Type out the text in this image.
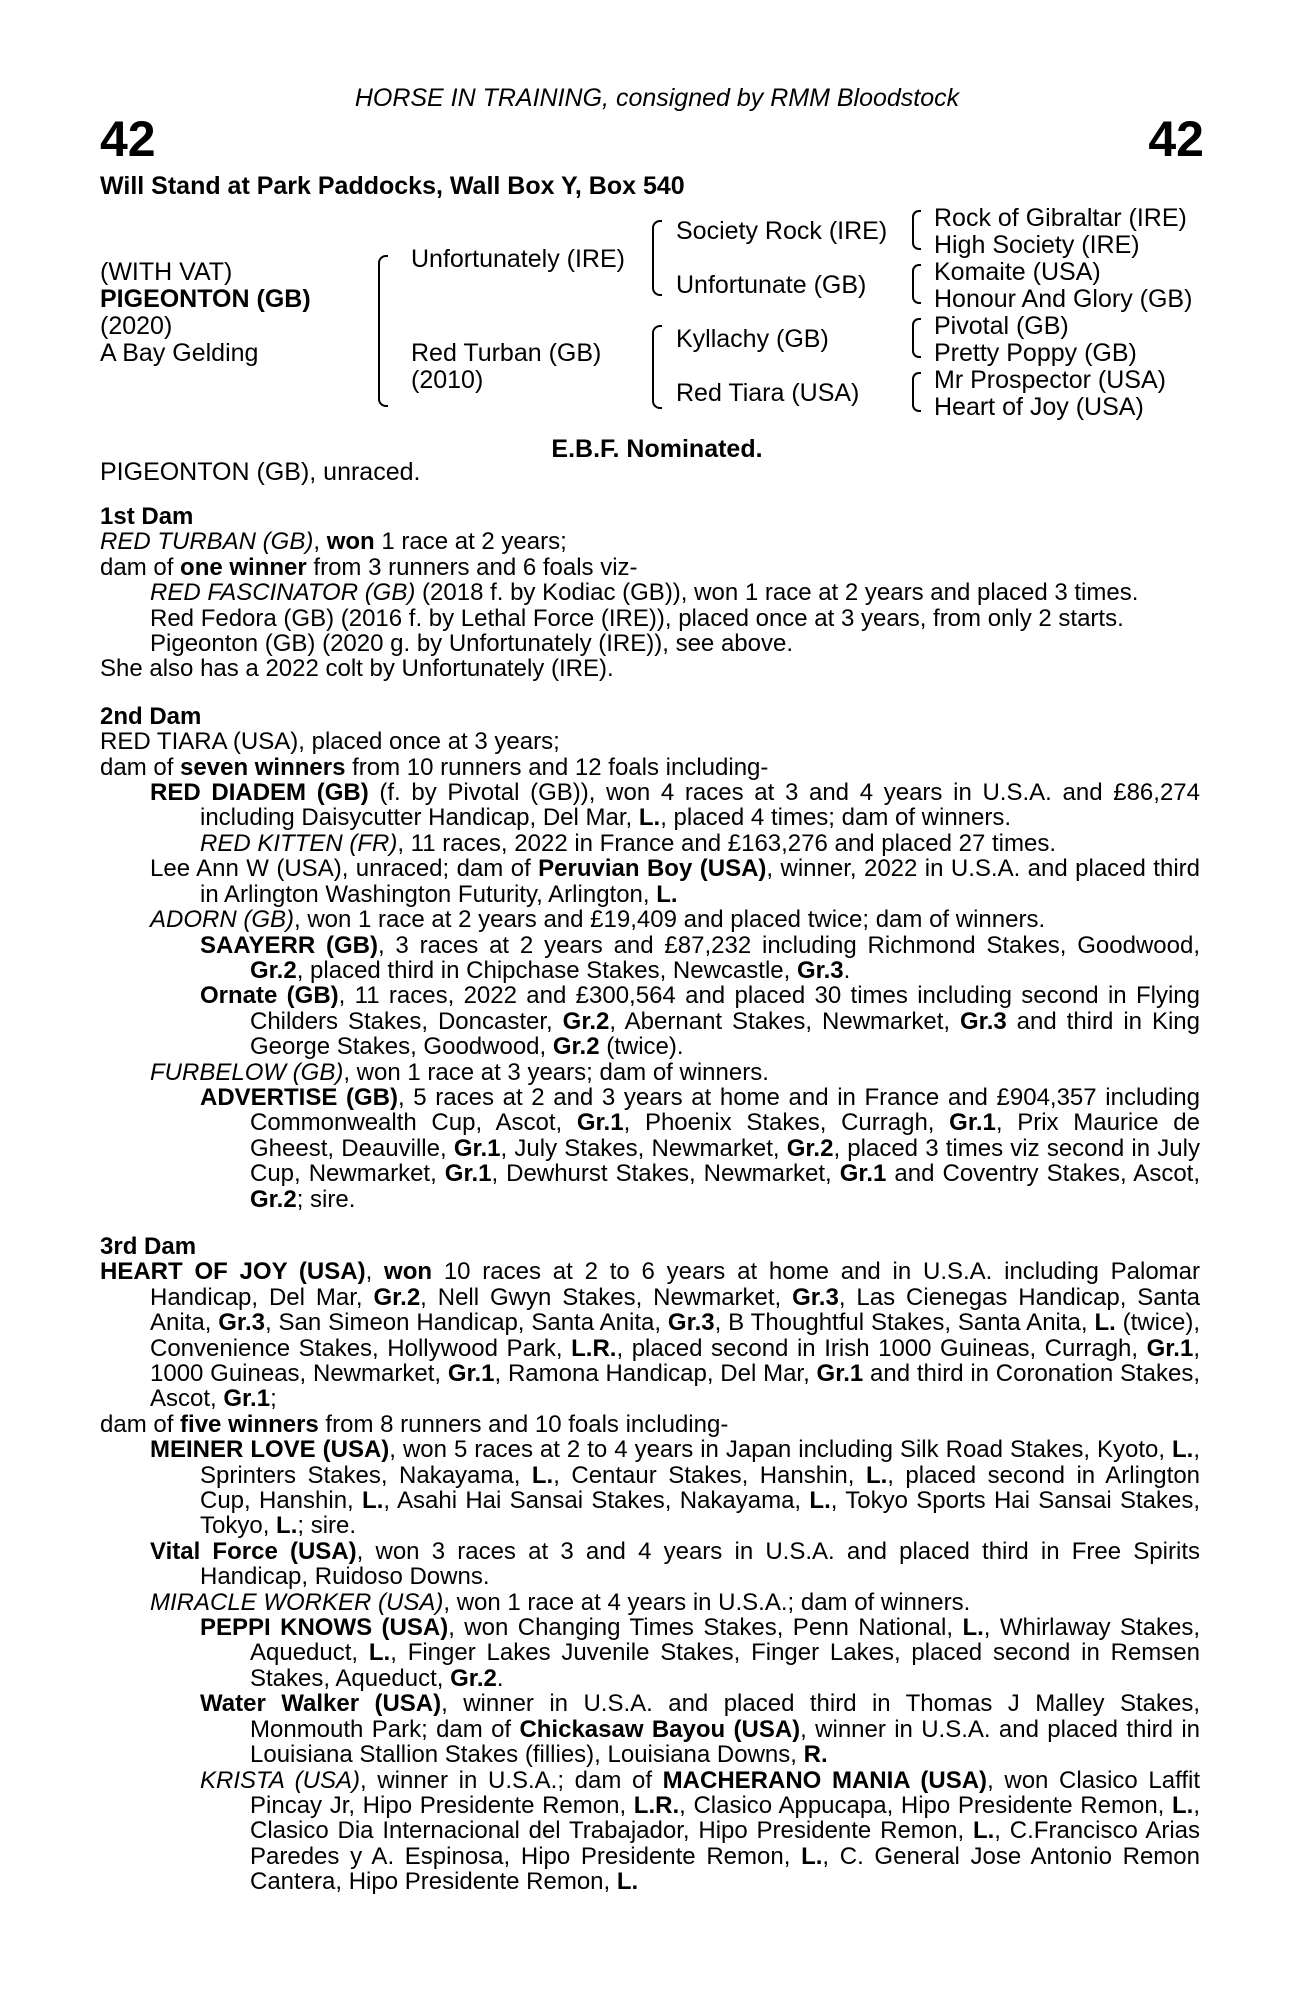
HORSE IN TRAINING, consigned by RMM Bloodstock
42	42
Will Stand at Park Paddocks, Wall Box Y, Box 540
(WITH VAT)
PIGEONTON (GB)
(2020)
A Bay Gelding
Unfortunately (IRE)
Red Turban (GB)
(2010)
Society Rock (IRE)
Unfortunate (GB)
Kyllachy (GB)
Red Tiara (USA)
Rock of Gibraltar (IRE)
High Society (IRE)
Komaite (USA)
Honour And Glory (GB)
Pivotal (GB)
Pretty Poppy (GB)
Mr Prospector (USA)
Heart of Joy (USA)
E.B.F. Nominated.
PIGEONTON (GB), unraced.
1st Dam
RED TURBAN (GB), won 1 race at 2 years;
dam of one winner from 3 runners and 6 foals viz-
RED FASCINATOR (GB) (2018 f. by Kodiac (GB)), won 1 race at 2 years and placed 3 times.
Red Fedora (GB) (2016 f. by Lethal Force (IRE)), placed once at 3 years, from only 2 starts.
Pigeonton (GB) (2020 g. by Unfortunately (IRE)), see above.
She also has a 2022 colt by Unfortunately (IRE).
2nd Dam
RED TIARA (USA), placed once at 3 years;
dam of seven winners from 10 runners and 12 foals including-
RED DIADEM (GB) (f. by Pivotal (GB)), won 4 races at 3 and 4 years in U.S.A. and £86,274 including Daisycutter Handicap, Del Mar, L., placed 4 times; dam of winners.
RED KITTEN (FR), 11 races, 2022 in France and £163,276 and placed 27 times.
Lee Ann W (USA), unraced; dam of Peruvian Boy (USA), winner, 2022 in U.S.A. and placed third in Arlington Washington Futurity, Arlington, L.
ADORN (GB), won 1 race at 2 years and £19,409 and placed twice; dam of winners.
SAAYERR (GB), 3 races at 2 years and £87,232 including Richmond Stakes, Goodwood, Gr.2, placed third in Chipchase Stakes, Newcastle, Gr.3.
Ornate (GB), 11 races, 2022 and £300,564 and placed 30 times including second in Flying Childers Stakes, Doncaster, Gr.2, Abernant Stakes, Newmarket, Gr.3 and third in King George Stakes, Goodwood, Gr.2 (twice).
FURBELOW (GB), won 1 race at 3 years; dam of winners.
ADVERTISE (GB), 5 races at 2 and 3 years at home and in France and £904,357 including Commonwealth Cup, Ascot, Gr.1, Phoenix Stakes, Curragh, Gr.1, Prix Maurice de Gheest, Deauville, Gr.1, July Stakes, Newmarket, Gr.2, placed 3 times viz second in July Cup, Newmarket, Gr.1, Dewhurst Stakes, Newmarket, Gr.1 and Coventry Stakes, Ascot, Gr.2; sire.
3rd Dam
HEART OF JOY (USA), won 10 races at 2 to 6 years at home and in U.S.A. including Palomar Handicap, Del Mar, Gr.2, Nell Gwyn Stakes, Newmarket, Gr.3, Las Cienegas Handicap, Santa Anita, Gr.3, San Simeon Handicap, Santa Anita, Gr.3, B Thoughtful Stakes, Santa Anita, L. (twice), Convenience Stakes, Hollywood Park, L.R., placed second in Irish 1000 Guineas, Curragh, Gr.1, 1000 Guineas, Newmarket, Gr.1, Ramona Handicap, Del Mar, Gr.1 and third in Coronation Stakes, Ascot, Gr.1;
dam of five winners from 8 runners and 10 foals including-
MEINER LOVE (USA), won 5 races at 2 to 4 years in Japan including Silk Road Stakes, Kyoto, L., Sprinters Stakes, Nakayama, L., Centaur Stakes, Hanshin, L., placed second in Arlington Cup, Hanshin, L., Asahi Hai Sansai Stakes, Nakayama, L., Tokyo Sports Hai Sansai Stakes, Tokyo, L.; sire.
Vital Force (USA), won 3 races at 3 and 4 years in U.S.A. and placed third in Free Spirits Handicap, Ruidoso Downs.
MIRACLE WORKER (USA), won 1 race at 4 years in U.S.A.; dam of winners.
PEPPI KNOWS (USA), won Changing Times Stakes, Penn National, L., Whirlaway Stakes, Aqueduct, L., Finger Lakes Juvenile Stakes, Finger Lakes, placed second in Remsen Stakes, Aqueduct, Gr.2.
Water Walker (USA), winner in U.S.A. and placed third in Thomas J Malley Stakes, Monmouth Park; dam of Chickasaw Bayou (USA), winner in U.S.A. and placed third in Louisiana Stallion Stakes (fillies), Louisiana Downs, R.
KRISTA (USA), winner in U.S.A.; dam of MACHERANO MANIA (USA), won Clasico Laffit Pincay Jr, Hipo Presidente Remon, L.R., Clasico Appucapa, Hipo Presidente Remon, L., Clasico Dia Internacional del Trabajador, Hipo Presidente Remon, L., C.Francisco Arias Paredes y A. Espinosa, Hipo Presidente Remon, L., C. General Jose Antonio Remon Cantera, Hipo Presidente Remon, L.
